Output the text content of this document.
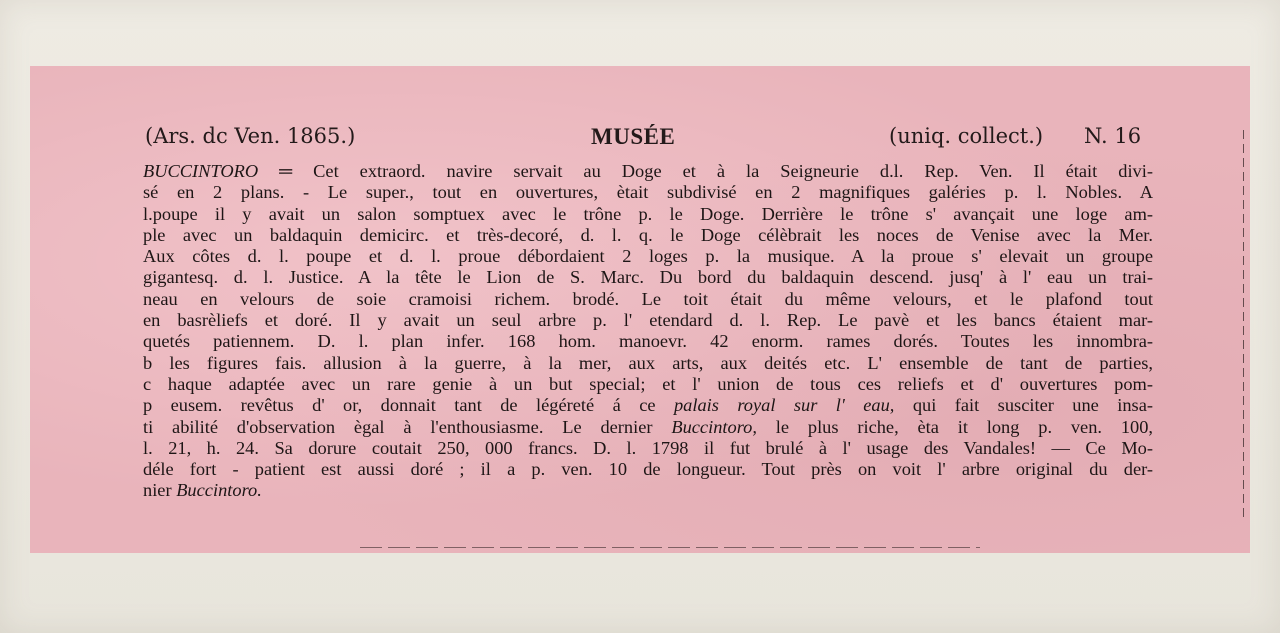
(Ars. dc Ven. 1865.)	MUSÉE	(uniq. collect.) N. 16
BUCCINTORO ═ Cet extraord. navire servait au Doge et à la Seigneurie d.l. Rep. Ven. Il était divi-
sé en 2 plans. - Le super., tout en ouvertures, ètait subdivisé en 2 magnifiques galéries p. l. Nobles. A
l.poupe il y avait un salon somptuex avec le trône p. le Doge. Derrière le trône s' avançait une loge am-
ple avec un baldaquin demicirc. et très-decoré, d. l. q. le Doge célèbrait les noces de Venise avec la Mer.
Aux côtes d. l. poupe et d. l. proue débordaient 2 loges p. la musique. A la proue s' elevait un groupe
gigantesq. d. l. Justice. A la tête le Lion de S. Marc. Du bord du baldaquin descend. jusq' à l' eau un trai-
neau en velours de soie cramoisi richem. brodé. Le toit était du même velours, et le plafond tout
en basrèliefs et doré. Il y avait un seul arbre p. l' etendard d. l. Rep. Le pavè et les bancs étaient mar-
quetés patiennem. D. l. plan infer. 168 hom. manoevr. 42 enorm. rames dorés. Toutes les innombra-
b les figures fais. allusion à la guerre, à la mer, aux arts, aux deités etc. L' ensemble de tant de parties,
c haque adaptée avec un rare genie à un but special; et l' union de tous ces reliefs et d' ouvertures pom-
p eusem. revêtus d' or, donnait tant de légéreté á ce palais royal sur l' eau, qui fait susciter une insa-
ti abilité d'observation ègal à l'enthousiasme. Le dernier Buccintoro, le plus riche, èta it long p. ven. 100,
l. 21, h. 24. Sa dorure coutait 250, 000 francs. D. l. 1798 il fut brulé à l' usage des Vandales! — Ce Mo-
déle fort - patient est aussi doré ; il a p. ven. 10 de longueur. Tout près on voit l' arbre original du der-
nier Buccintoro.
